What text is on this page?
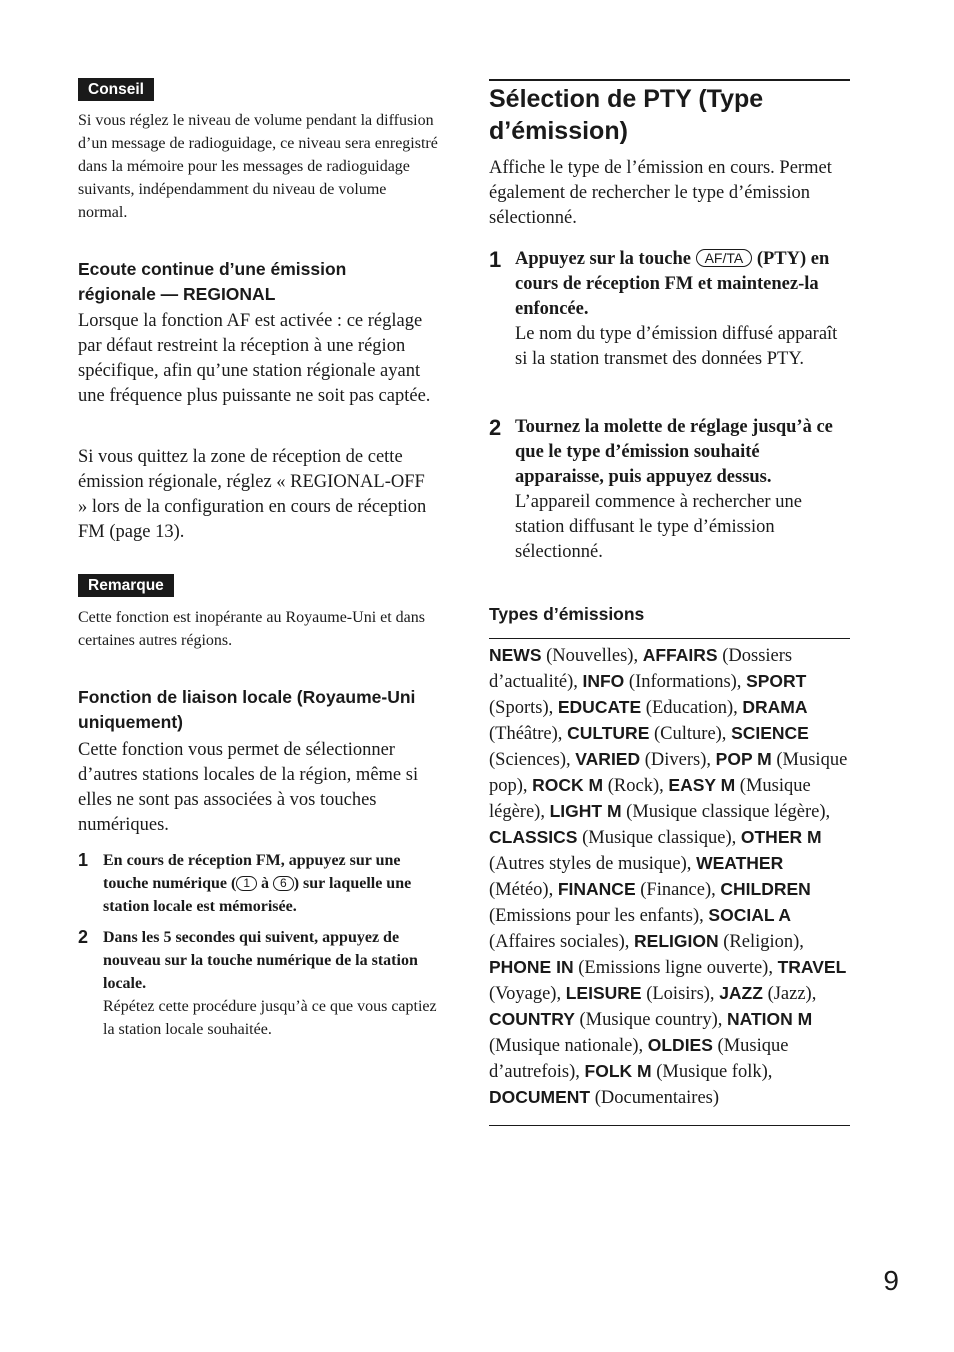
Conseil

Si vous réglez le niveau de volume pendant la diffusion d’un message de radioguidage, ce niveau sera enregistré dans la mémoire pour les messages de radioguidage suivants, indépendamment du niveau de volume normal.

Ecoute continue d’une émission régionale — REGIONAL

Lorsque la fonction AF est activée : ce réglage par défaut restreint la réception à une région spécifique, afin qu’une station régionale ayant une fréquence plus puissante ne soit pas captée.

Si vous quittez la zone de réception de cette émission régionale, réglez « REGIONAL-OFF » lors de la configuration en cours de réception FM (page 13).

Remarque

Cette fonction est inopérante au Royaume-Uni et dans certaines autres régions.

Fonction de liaison locale (Royaume-Uni uniquement)

Cette fonction vous permet de sélectionner d’autres stations locales de la région, même si elles ne sont pas associées à vos touches numériques.

1 En cours de réception FM, appuyez sur une touche numérique ( 1 à 6 ) sur laquelle une station locale est mémorisée.

2 Dans les 5 secondes qui suivent, appuyez de nouveau sur la touche numérique de la station locale.

Répétez cette procédure jusqu’à ce que vous captiez la station locale souhaitée.

Sélection de PTY (Type d’émission)

Affiche le type de l’émission en cours. Permet également de rechercher le type d’émission sélectionné.

1 Appuyez sur la touche AF/TA (PTY) en cours de réception FM et maintenez-la enfoncée.

Le nom du type d’émission diffusé apparaît si la station transmet des données PTY.

2 Tournez la molette de réglage jusqu’à ce que le type d’émission souhaité apparaisse, puis appuyez dessus.

L’appareil commence à rechercher une station diffusant le type d’émission sélectionné.

Types d’émissions

NEWS (Nouvelles), AFFAIRS (Dossiers d’actualité), INFO (Informations), SPORT (Sports), EDUCATE (Education), DRAMA (Théâtre), CULTURE (Culture), SCIENCE (Sciences), VARIED (Divers), POP M (Musique pop), ROCK M (Rock), EASY M (Musique légère), LIGHT M (Musique classique légère), CLASSICS (Musique classique), OTHER M (Autres styles de musique), WEATHER (Météo), FINANCE (Finance), CHILDREN (Emissions pour les enfants), SOCIAL A (Affaires sociales), RELIGION (Religion), PHONE IN (Emissions ligne ouverte), TRAVEL (Voyage), LEISURE (Loisirs), JAZZ (Jazz), COUNTRY (Musique country), NATION M (Musique nationale), OLDIES (Musique d’autrefois), FOLK M (Musique folk), DOCUMENT (Documentaires)

9
